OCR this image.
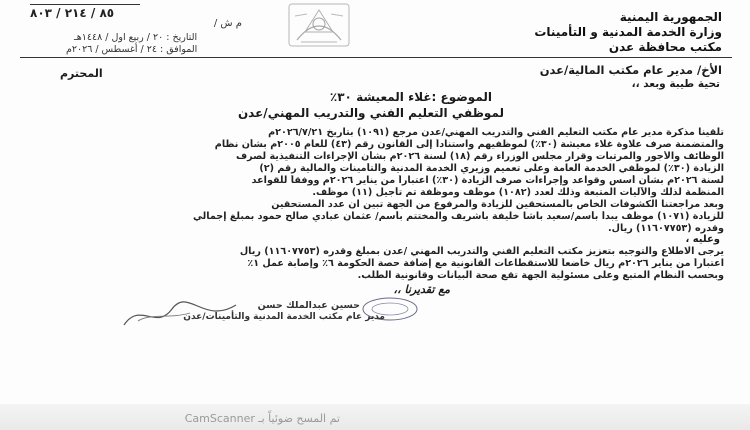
الجمهورية اليمنية
وزارة الخدمة المدنية و التأمينات
مكتب محافظة عدن
٨٥ / ٢١٤ / ٨٠٣
م ش /
التاريخ : ٢٠ / ربيع اول / ١٤٤٨هـ
الموافق : ٢٤ / أغسطس / ٢٠٢٦م
الأخ/ مدير عام مكتب المالية/عدن
المحترم
تحية طيبة وبعد ،،
الموضوع :غلاء المعيشة ٣٠٪
لموظفي التعليم الفني والتدريب المهني/عدن
تلقينا مذكرة مدير عام مكتب التعليم الفني والتدريب المهني/عدن مرجع (١٠٩١) بتاريخ ٢٠٢٦/٧/٢١م
والمتضمنة صرف علاوة غلاء معيشة (٣٠٪) لموظفيهم واستناداً إلى القانون رقم (٤٣) للعام ٢٠٠٥م بشأن نظام
الوظائف والأجور والمرتبات وقرار مجلس الوزراء رقم (١٨) لسنة ٢٠٢٦م بشأن الإجراءات التنفيذية لصرف
الزيادة (٣٠٪) لموظفي الخدمة العامة وعلى تعميم وزيري الخدمة المدنية والتأمينات والمالية رقم (٢)
لسنة ٢٠٢٦م بشأن أسس وقواعد وإجراءات صرف الزيادة (٣٠٪) اعتباراً من يناير ٢٠٢٦م ووفقاً للقواعد
المنظمة لذلك والآليات المتبعة وذلك لعدد (١٠٨٢) موظف وموظفة تم تأجيل (١١) موظف.
وبعد مراجعتنا الكشوفات الخاص بالمستحقين للزيادة والمرفوع من الجهة تبين ان عدد المستحقين
للزيادة (١٠٧١) موظف يبدأ بأسم/سعيد باشا خليفة باشريف والمختتم بأسم/ عثمان عبادي صالح حمود بمبلغ إجمالي
وقدره (١١٦٠٧٧٥٣) ريال.
وعليه ،
يرجى الاطلاع والتوجيه بتعزيز مكتب التعليم الفني والتدريب المهني /عدن بمبلغ وقدره (١١٦٠٧٧٥٣) ريال
اعتباراً من يناير ٢٠٢٦م ريال خاضعاً للاستقطاعات القانونية مع إضافة حصة الحكومة ٦٪ وإصابة عمل ١٪
وبحسب النظام المتبع وعلى مسئولية الجهة تقع صحة البيانات وقانونية الطلب.
مع تقديرنا ،،
حسين عبدالملك حسن
مدير عام مكتب الخدمة المدنية والتأمينات/عدن
تم المسح ضوئياً بـ CamScanner
